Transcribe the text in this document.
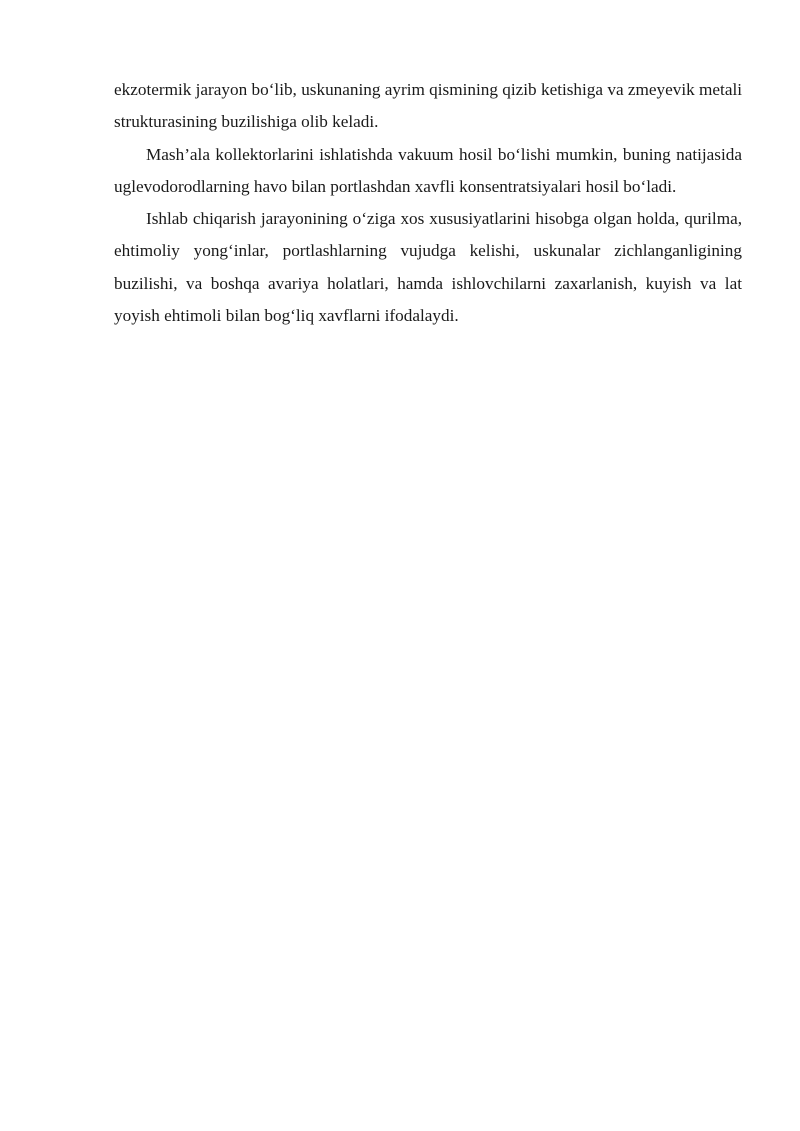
ekzotermik jarayon bo‘lib, uskunaning ayrim qismining qizib ketishiga va zmeyevik metali strukturasining buzilishiga olib keladi.

Mash’ala kollektorlarini ishlatishda vakuum hosil bo‘lishi mumkin, buning natijasida uglevodorodlarning havo bilan portlashdan xavfli konsentratsiyalari hosil bo‘ladi.

Ishlab chiqarish jarayonining o‘ziga xos xususiyatlarini hisobga olgan holda, qurilma, ehtimoliy yong‘inlar, portlashlarning vujudga kelishi, uskunalar zichlanganligining buzilishi, va boshqa avariya holatlari, hamda ishlovchilarni zaxarlanish, kuyish va lat yoyish ehtimoli bilan bog‘liq xavflarni ifodalaydi.
